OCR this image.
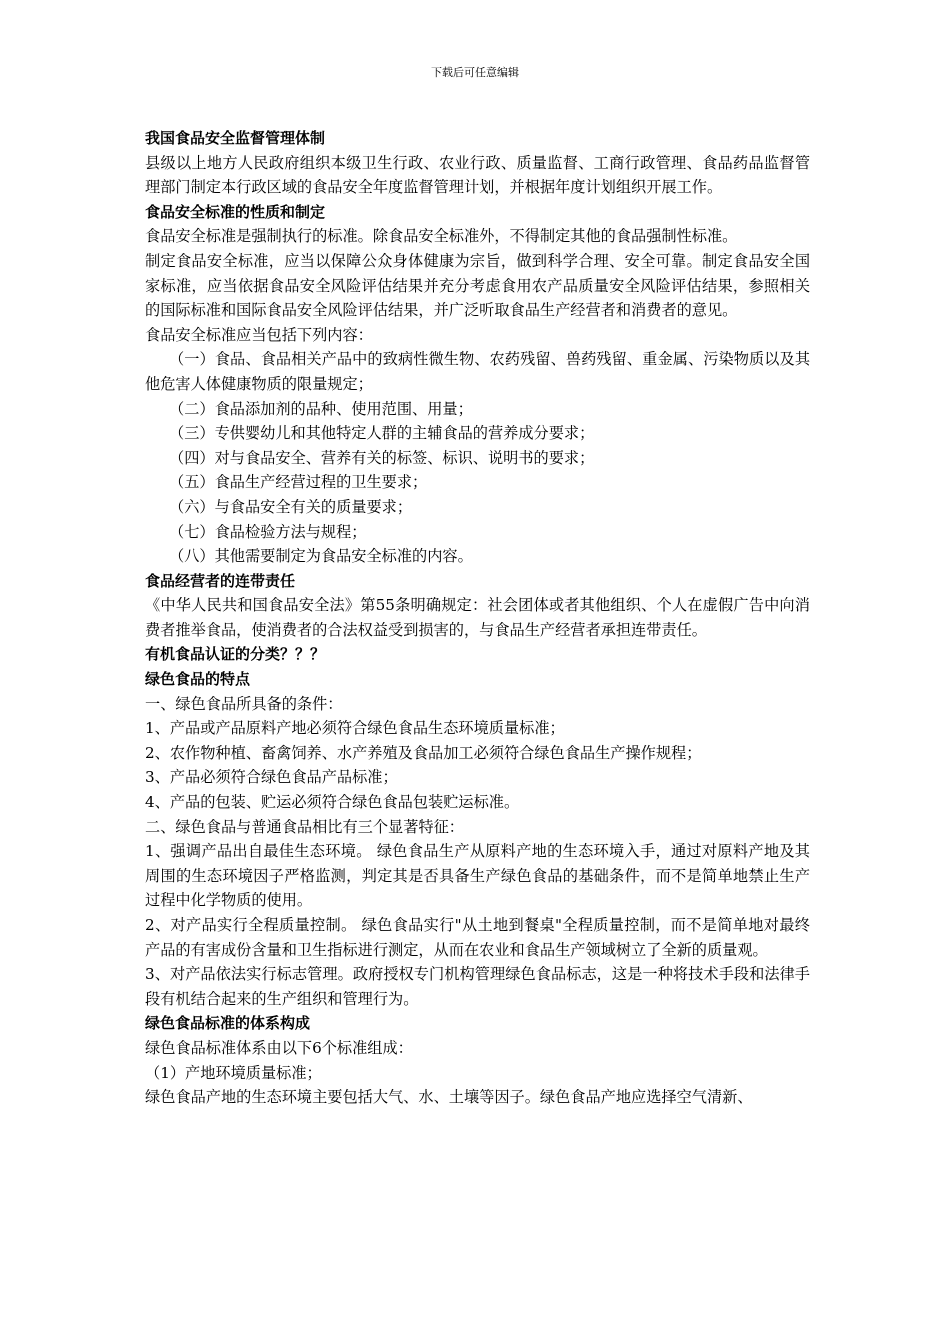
下载后可任意编辑

我国食品安全监督管理体制

县级以上地方人民政府组织本级卫生行政、农业行政、质量监督、工商行政管理、食品药品监督管理部门制定本行政区域的食品安全年度监督管理计划，并根据年度计划组织开展工作。

食品安全标准的性质和制定

食品安全标准是强制执行的标准。除食品安全标准外，不得制定其他的食品强制性标准。

制定食品安全标准，应当以保障公众身体健康为宗旨，做到科学合理、安全可靠。制定食品安全国家标准，应当依据食品安全风险评估结果并充分考虑食用农产品质量安全风险评估结果，参照相关的国际标准和国际食品安全风险评估结果，并广泛听取食品生产经营者和消费者的意见。

食品安全标准应当包括下列内容：

（一）食品、食品相关产品中的致病性微生物、农药残留、兽药残留、重金属、污染物质以及其他危害人体健康物质的限量规定；

（二）食品添加剂的品种、使用范围、用量；

（三）专供婴幼儿和其他特定人群的主辅食品的营养成分要求；

（四）对与食品安全、营养有关的标签、标识、说明书的要求；

（五）食品生产经营过程的卫生要求；

（六）与食品安全有关的质量要求；

（七）食品检验方法与规程；

（八）其他需要制定为食品安全标准的内容。

食品经营者的连带责任

《中华人民共和国食品安全法》第55条明确规定：社会团体或者其他组织、个人在虚假广告中向消费者推举食品，使消费者的合法权益受到损害的，与食品生产经营者承担连带责任。

有机食品认证的分类？？？

绿色食品的特点

一、绿色食品所具备的条件：

1、产品或产品原料产地必须符合绿色食品生态环境质量标准；

2、农作物种植、畜禽饲养、水产养殖及食品加工必须符合绿色食品生产操作规程；

3、产品必须符合绿色食品产品标准；

4、产品的包装、贮运必须符合绿色食品包装贮运标准。

二、绿色食品与普通食品相比有三个显著特征：

1、强调产品出自最佳生态环境。 绿色食品生产从原料产地的生态环境入手，通过对原料产地及其周围的生态环境因子严格监测，判定其是否具备生产绿色食品的基础条件，而不是简单地禁止生产过程中化学物质的使用。

2、对产品实行全程质量控制。 绿色食品实行"从土地到餐桌"全程质量控制，而不是简单地对最终产品的有害成份含量和卫生指标进行测定，从而在农业和食品生产领域树立了全新的质量观。

3、对产品依法实行标志管理。政府授权专门机构管理绿色食品标志，这是一种将技术手段和法律手段有机结合起来的生产组织和管理行为。

绿色食品标准的体系构成

绿色食品标准体系由以下6个标准组成：

（1）产地环境质量标准；

绿色食品产地的生态环境主要包括大气、水、土壤等因子。绿色食品产地应选择空气清新、
